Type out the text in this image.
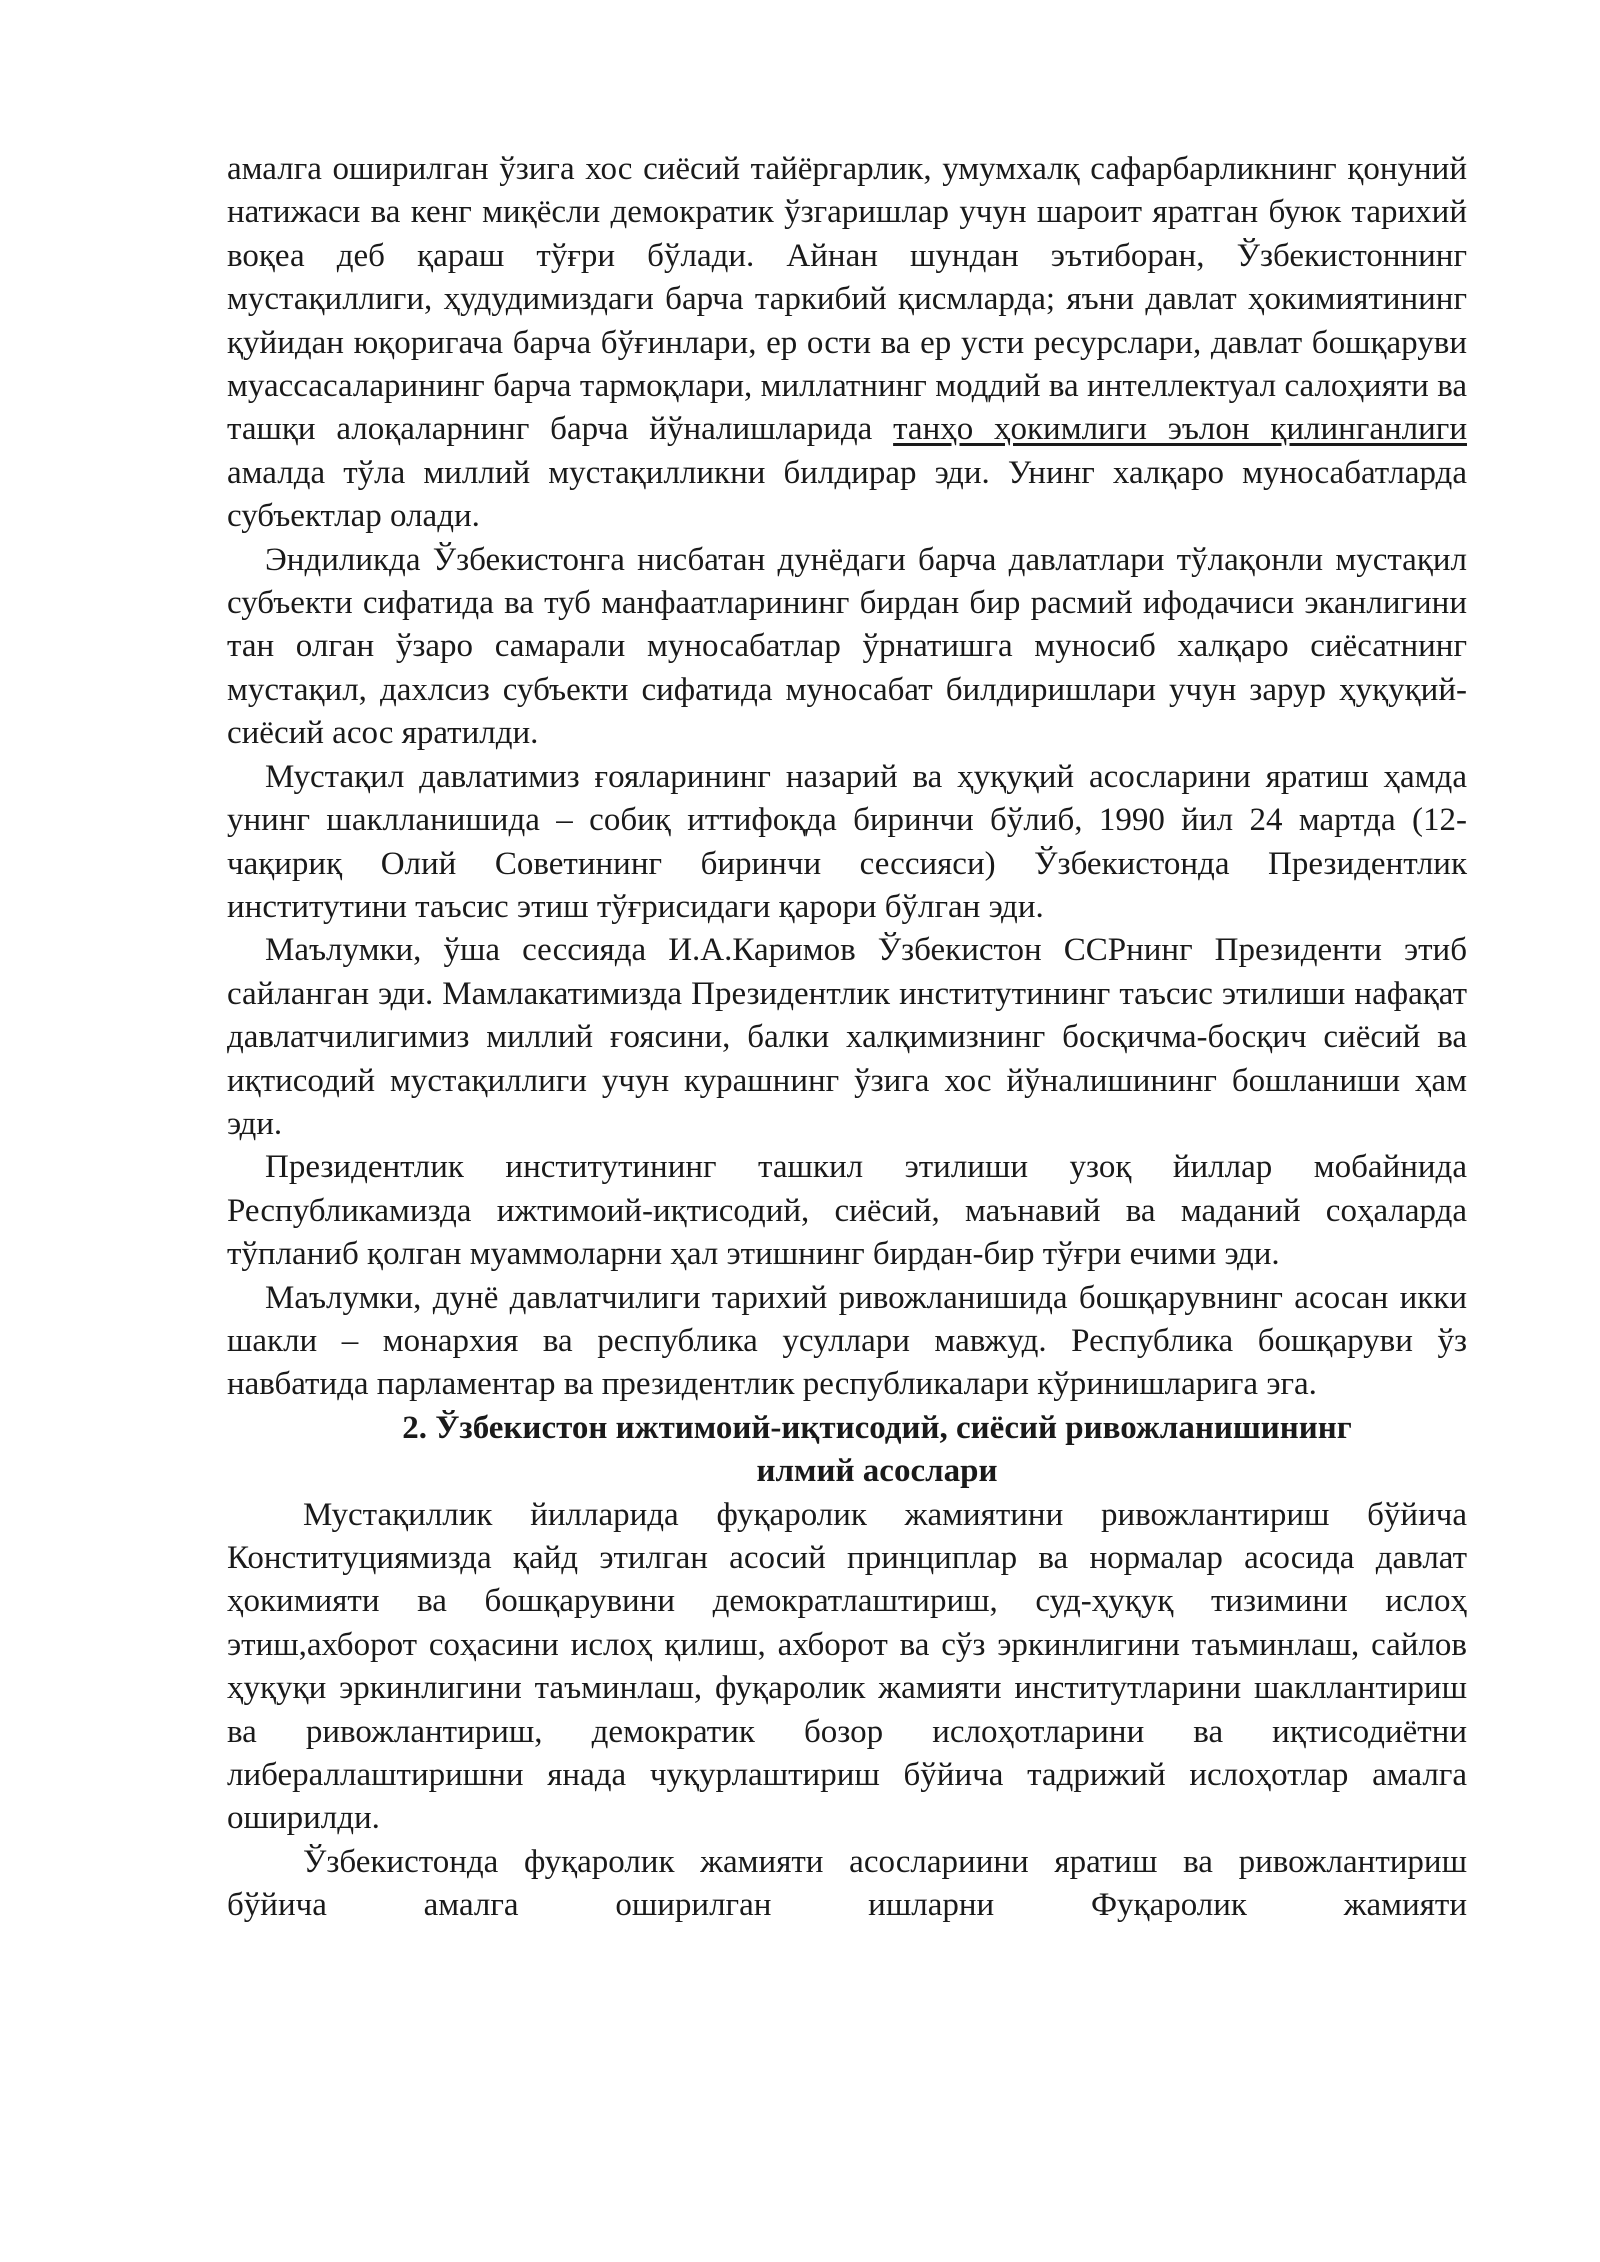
амалга оширилган ўзига хос сиёсий тайёргарлик, умумхалқ сафарбарликнинг қонуний натижаси ва кенг миқёсли демократик ўзгаришлар учун шароит яратган буюк тарихий воқеа деб қараш тўғри бўлади. Айнан шундан эътиборан, Ўзбекистоннинг мустақиллиги, ҳудудимиздаги барча таркибий қисмларда; яъни давлат ҳокимиятининг қуйидан юқоригача барча бўғинлари, ер ости ва ер усти ресурслари, давлат бошқаруви муассасаларининг барча тармоқлари, миллатнинг моддий ва интеллектуал салоҳияти ва ташқи алоқаларнинг барча йўналишларида танҳо ҳокимлиги эълон қилинганлиги амалда тўла миллий мустақилликни билдирар эди. Унинг халқаро муносабатларда субъектлар олади.

Эндиликда Ўзбекистонга нисбатан дунёдаги барча давлатлари тўлақонли мустақил субъекти сифатида ва туб манфаатларининг бирдан бир расмий ифодачиси эканлигини тан олган ўзаро самарали муносабатлар ўрнатишга муносиб халқаро сиёсатнинг мустақил, дахлсиз субъекти сифатида муносабат билдиришлари учун зарур ҳуқуқий-сиёсий асос яратилди.

Мустақил давлатимиз ғояларининг назарий ва ҳуқуқий асосларини яратиш ҳамда унинг шаклланишида – собиқ иттифоқда биринчи бўлиб, 1990 йил 24 мартда (12-чақириқ Олий Советининг биринчи сессияси) Ўзбекистонда Президентлик институтини таъсис этиш тўғрисидаги қарори бўлган эди.

Маълумки, ўша сессияда И.А.Каримов Ўзбекистон ССРнинг Президенти этиб сайланган эди. Мамлакатимизда Президентлик институтининг таъсис этилиши нафақат давлатчилигимиз миллий ғоясини, балки халқимизнинг босқичма-босқич сиёсий ва иқтисодий мустақиллиги учун курашнинг ўзига хос йўналишининг бошланиши ҳам эди.

Президентлик институтининг ташкил этилиши узоқ йиллар мобайнида Республикамизда ижтимоий-иқтисодий, сиёсий, маънавий ва маданий соҳаларда тўпланиб қолган муаммоларни ҳал этишнинг бирдан-бир тўғри ечими эди.

Маълумки, дунё давлатчилиги тарихий ривожланишида бошқарувнинг асосан икки шакли – монархия ва республика усуллари мавжуд. Республика бошқаруви ўз навбатида парламентар ва президентлик республикалари кўринишларига эга.

2. Ўзбекистон ижтимоий-иқтисодий, сиёсий ривожланишининг
илмий асослари

Мустақиллик йилларида фуқаролик жамиятини ривожлантириш бўйича Конституциямизда қайд этилган асосий принциплар ва нормалар асосида давлат ҳокимияти ва бошқарувини демократлаштириш, суд-ҳуқуқ тизимини ислоҳ этиш,ахборот соҳасини ислоҳ қилиш, ахборот ва сўз эркинлигини таъминлаш, сайлов ҳуқуқи эркинлигини таъминлаш, фуқаролик жамияти институтларини шакллантириш ва ривожлантириш, демократик бозор ислоҳотларини ва иқтисодиётни либераллаштиришни янада чуқурлаштириш бўйича тадрижий ислоҳотлар амалга оширилди.

Ўзбекистонда фуқаролик жамияти асослариини яратиш ва ривожлантириш бўйича амалга оширилган ишларни Фуқаролик жамияти
